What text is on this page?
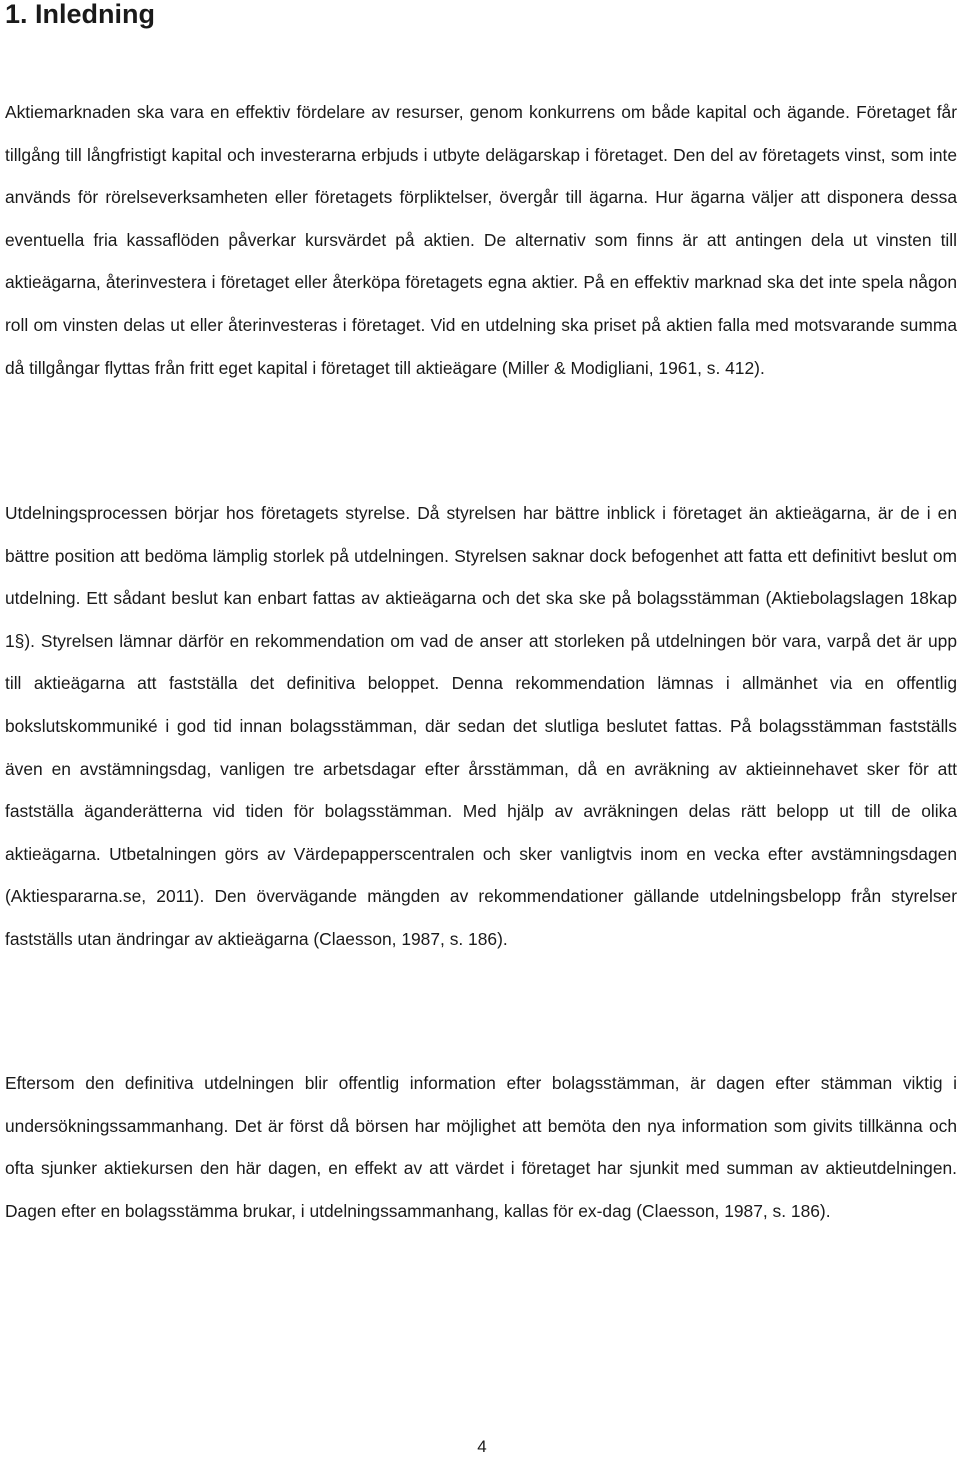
1. Inledning

Aktiemarknaden ska vara en effektiv fördelare av resurser, genom konkurrens om både kapital och ägande. Företaget får tillgång till långfristigt kapital och investerarna erbjuds i utbyte delägarskap i företaget. Den del av företagets vinst, som inte används för rörelseverksamheten eller företagets förpliktelser, övergår till ägarna. Hur ägarna väljer att disponera dessa eventuella fria kassaflöden påverkar kursvärdet på aktien. De alternativ som finns är att antingen dela ut vinsten till aktieägarna, återinvestera i företaget eller återköpa företagets egna aktier. På en effektiv marknad ska det inte spela någon roll om vinsten delas ut eller återinvesteras i företaget. Vid en utdelning ska priset på aktien falla med motsvarande summa då tillgångar flyttas från fritt eget kapital i företaget till aktieägare (Miller & Modigliani, 1961, s. 412).

Utdelningsprocessen börjar hos företagets styrelse. Då styrelsen har bättre inblick i företaget än aktieägarna, är de i en bättre position att bedöma lämplig storlek på utdelningen. Styrelsen saknar dock befogenhet att fatta ett definitivt beslut om utdelning. Ett sådant beslut kan enbart fattas av aktieägarna och det ska ske på bolagsstämman (Aktiebolagslagen 18kap 1§). Styrelsen lämnar därför en rekommendation om vad de anser att storleken på utdelningen bör vara, varpå det är upp till aktieägarna att fastställa det definitiva beloppet. Denna rekommendation lämnas i allmänhet via en offentlig bokslutskommuniké i god tid innan bolagsstämman, där sedan det slutliga beslutet fattas. På bolagsstämman fastställs även en avstämningsdag, vanligen tre arbetsdagar efter årsstämman, då en avräkning av aktieinnehavet sker för att fastställa äganderätterna vid tiden för bolagsstämman. Med hjälp av avräkningen delas rätt belopp ut till de olika aktieägarna. Utbetalningen görs av Värdepapperscentralen och sker vanligtvis inom en vecka efter avstämningsdagen (Aktiespararna.se, 2011). Den övervägande mängden av rekommendationer gällande utdelningsbelopp från styrelser fastställs utan ändringar av aktieägarna (Claesson, 1987, s. 186).

Eftersom den definitiva utdelningen blir offentlig information efter bolagsstämman, är dagen efter stämman viktig i undersökningssammanhang. Det är först då börsen har möjlighet att bemöta den nya information som givits tillkänna och ofta sjunker aktiekursen den här dagen, en effekt av att värdet i företaget har sjunkit med summan av aktieutdelningen. Dagen efter en bolagsstämma brukar, i utdelningssammanhang, kallas för ex-dag (Claesson, 1987, s. 186).

4
